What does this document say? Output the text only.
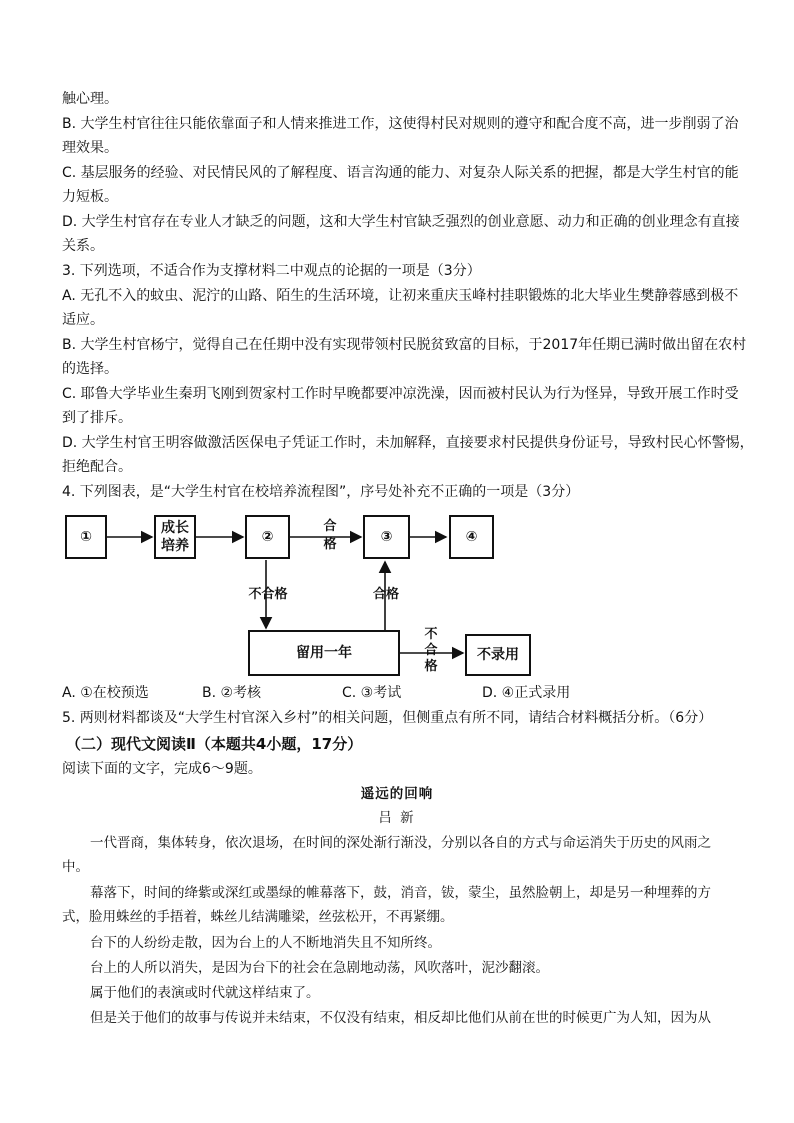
触心理。
B. 大学生村官往往只能依靠面子和人情来推进工作，这使得村民对规则的遵守和配合度不高，进一步削弱了治
理效果。
C. 基层服务的经验、对民情民风的了解程度、语言沟通的能力、对复杂人际关系的把握，都是大学生村官的能
力短板。
D. 大学生村官存在专业人才缺乏的问题，这和大学生村官缺乏强烈的创业意愿、动力和正确的创业理念有直接
关系。
3. 下列选项，不适合作为支撑材料二中观点的论据的一项是（3分）
A. 无孔不入的蚊虫、泥泞的山路、陌生的生活环境，让初来重庆玉峰村挂职锻炼的北大毕业生樊静蓉感到极不
适应。
B. 大学生村官杨宁，觉得自己在任期中没有实现带领村民脱贫致富的目标，于2017年任期已满时做出留在农村
的选择。
C. 耶鲁大学毕业生秦玥飞刚到贺家村工作时早晚都要冲凉洗澡，因而被村民认为行为怪异，导致开展工作时受
到了排斥。
D. 大学生村官王明容做激活医保电子凭证工作时，未加解释，直接要求村民提供身份证号，导致村民心怀警惕，
拒绝配合。
4. 下列图表，是“大学生村官在校培养流程图”，序号处补充不正确的一项是（3分）
①
成长
培养
②	③	④
留用一年	不录用
合
格
不合格	合格
不
合
格
A. ①在校预选	B. ②考核	C. ③考试	D. ④正式录用
5. 两则材料都谈及“大学生村官深入乡村”的相关问题，但侧重点有所不同，请结合材料概括分析。（6分）
（二）现代文阅读Ⅱ（本题共4小题，17分）
阅读下面的文字，完成6～9题。
遥远的回响
吕 新
一代晋商，集体转身，依次退场，在时间的深处渐行渐没，分别以各自的方式与命运消失于历史的风雨之
中。
幕落下，时间的绛紫或深红或墨绿的帷幕落下，鼓，消音，钹，蒙尘，虽然脸朝上，却是另一种埋葬的方
式，脸用蛛丝的手捂着，蛛丝儿结满雕梁，丝弦松开，不再紧绷。
台下的人纷纷走散，因为台上的人不断地消失且不知所终。
台上的人所以消失，是因为台下的社会在急剧地动荡，风吹落叶，泥沙翻滚。
属于他们的表演或时代就这样结束了。
但是关于他们的故事与传说并未结束，不仅没有结束，相反却比他们从前在世的时候更广为人知，因为从
